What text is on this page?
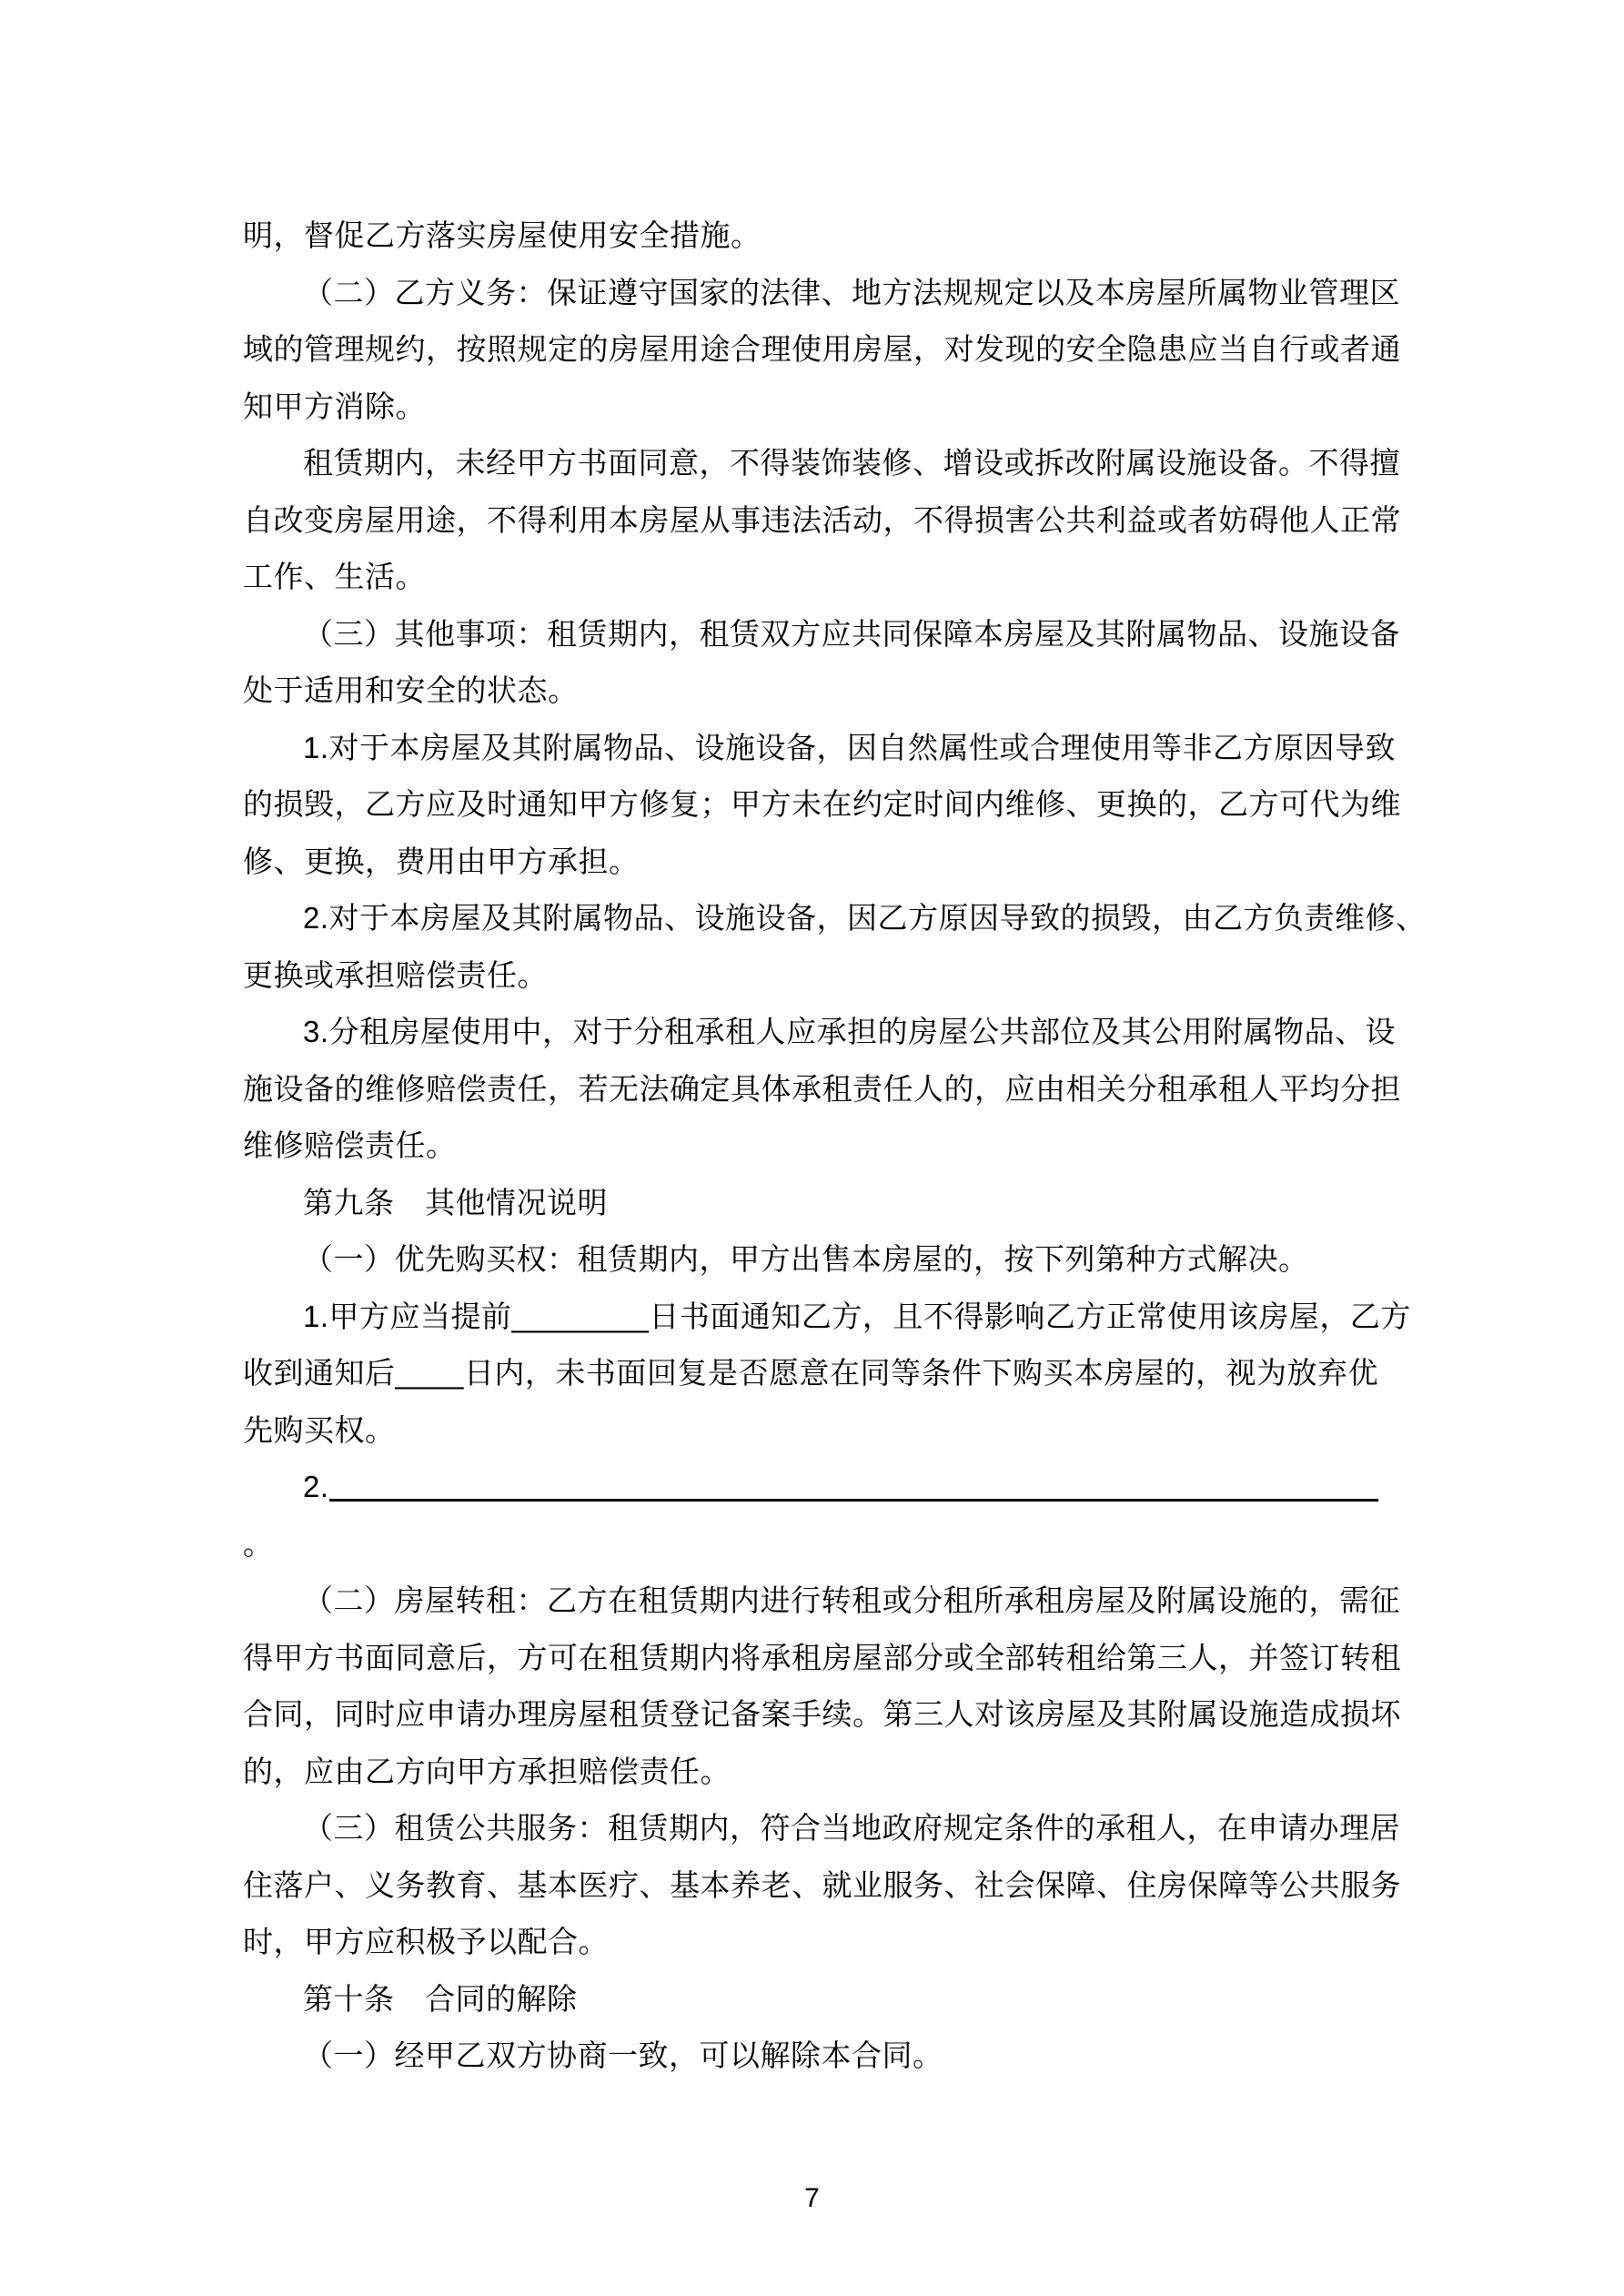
明，督促乙方落实房屋使用安全措施。
（二）乙方义务：保证遵守国家的法律、地方法规规定以及本房屋所属物业管理区
域的管理规约，按照规定的房屋用途合理使用房屋，对发现的安全隐患应当自行或者通
知甲方消除。
租赁期内，未经甲方书面同意，不得装饰装修、增设或拆改附属设施设备。不得擅
自改变房屋用途，不得利用本房屋从事违法活动，不得损害公共利益或者妨碍他人正常
工作、生活。
（三）其他事项：租赁期内，租赁双方应共同保障本房屋及其附属物品、设施设备
处于适用和安全的状态。
1.对于本房屋及其附属物品、设施设备，因自然属性或合理使用等非乙方原因导致
的损毁，乙方应及时通知甲方修复；甲方未在约定时间内维修、更换的，乙方可代为维
修、更换，费用由甲方承担。
2.对于本房屋及其附属物品、设施设备，因乙方原因导致的损毁，由乙方负责维修、
更换或承担赔偿责任。
3.分租房屋使用中，对于分租承租人应承担的房屋公共部位及其公用附属物品、设
施设备的维修赔偿责任，若无法确定具体承租责任人的，应由相关分租承租人平均分担
维修赔偿责任。
第九条　其他情况说明
（一）优先购买权：租赁期内，甲方出售本房屋的，按下列第种方式解决。
1.甲方应当提前________日书面通知乙方，且不得影响乙方正常使用该房屋，乙方
收到通知后____日内，未书面回复是否愿意在同等条件下购买本房屋的，视为放弃优
先购买权。
2.
。
（二）房屋转租：乙方在租赁期内进行转租或分租所承租房屋及附属设施的，需征
得甲方书面同意后，方可在租赁期内将承租房屋部分或全部转租给第三人，并签订转租
合同，同时应申请办理房屋租赁登记备案手续。第三人对该房屋及其附属设施造成损坏
的，应由乙方向甲方承担赔偿责任。
（三）租赁公共服务：租赁期内，符合当地政府规定条件的承租人，在申请办理居
住落户、义务教育、基本医疗、基本养老、就业服务、社会保障、住房保障等公共服务
时，甲方应积极予以配合。
第十条　合同的解除
（一）经甲乙双方协商一致，可以解除本合同。
7
